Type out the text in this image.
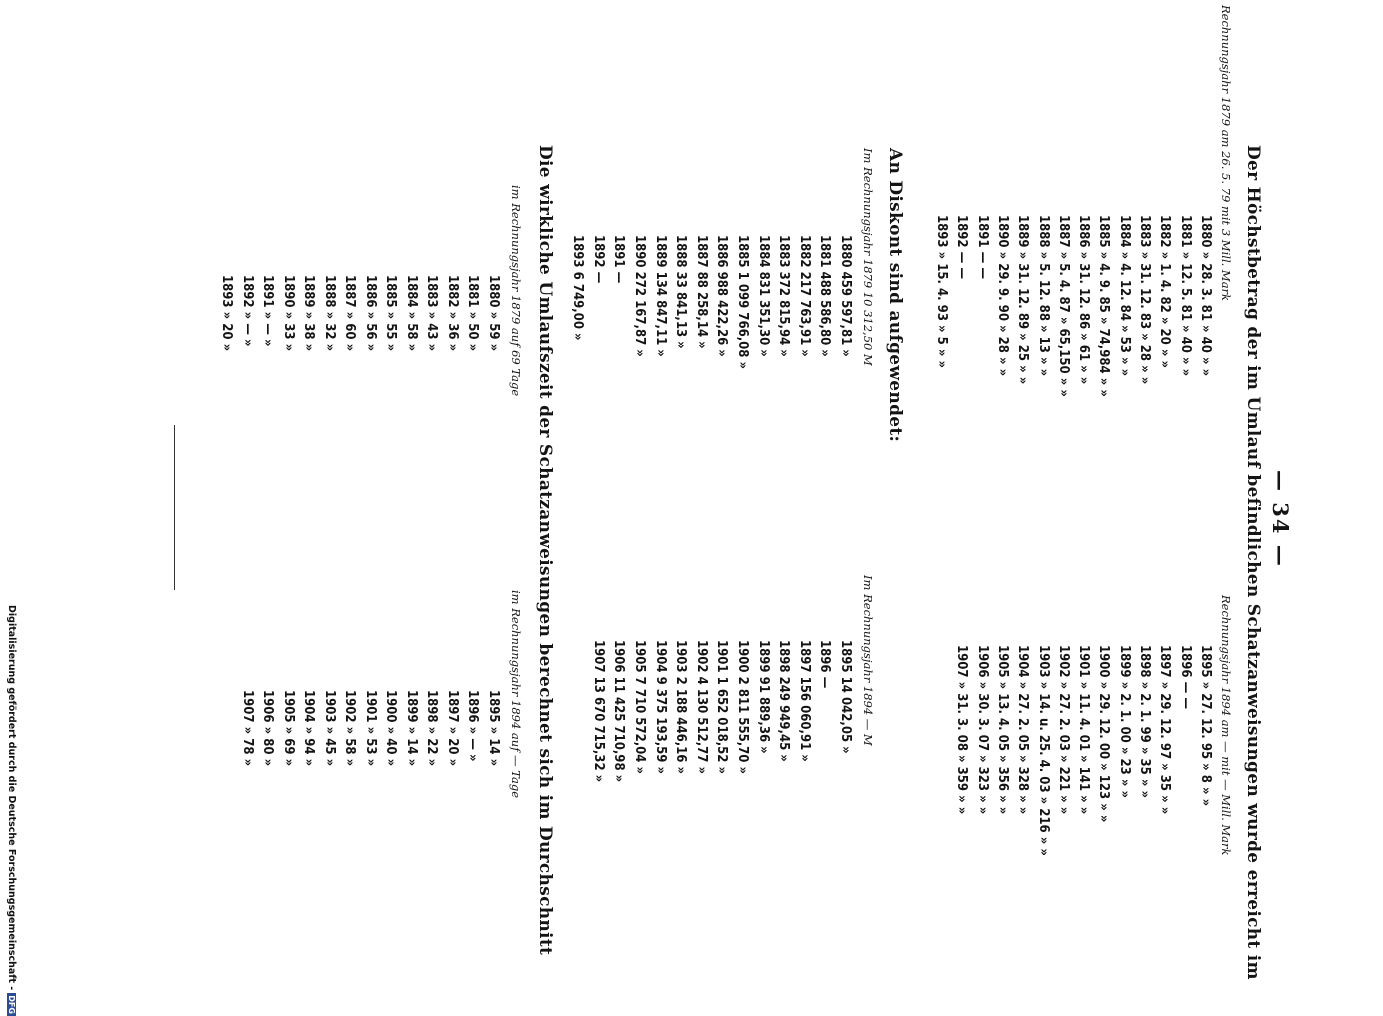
— 34 —
Der Höchstbetrag der im Umlauf befindlichen Schatzanweisungen wurde erreicht im
Rechnungsjahr 1879 am 26. 5. 79 mit 3 Mill. Mark
Rechnungsjahr 1894 am — mit — Mill. Mark
1880 » 28. 3. 81 » 40 » »
1881 » 12. 5. 81 » 40 » »
1882 » 1. 4. 82 » 20 » »
1883 » 31. 12. 83 » 28 » »
1884 » 4. 12. 84 » 53 » »
1885 » 4. 9. 85 » 74,984 » »
1886 » 31. 12. 86 » 61 » »
1887 » 5. 4. 87 » 65,150 » »
1888 » 5. 12. 88 » 13 » »
1889 » 31. 12. 89 » 25 » »
1890 » 29. 9. 90 » 28 » »
1891 — —
1892 — —
1893 » 15. 4. 93 » 5 » »
1895 » 27. 12. 95 » 8 » »
1896 — —
1897 » 29. 12. 97 » 35 » »
1898 » 2. 1. 99 » 35 » »
1899 » 2. 1. 00 » 23 » »
1900 » 29. 12. 00 » 123 » »
1901 » 11. 4. 01 » 141 » »
1902 » 27. 2. 03 » 221 » »
1903 » 14. u. 25. 4. 03 » 216 » »
1904 » 27. 2. 05 » 328 » »
1905 » 13. 4. 05 » 356 » »
1906 » 30. 3. 07 » 323 » »
1907 » 31. 3. 08 » 359 » »
An Diskont sind aufgewendet:
Im Rechnungsjahr 1879 10 312,50 M
Im Rechnungsjahr 1894 — M
1880 459 597,81 »
1881 488 586,80 »
1882 217 763,91 »
1883 372 815,94 »
1884 831 351,30 »
1885 1 099 766,08 »
1886 988 422,26 »
1887 88 258,14 »
1888 33 841,13 »
1889 134 847,11 »
1890 272 167,87 »
1891 —
1892 —
1893 6 749,00 »
1895 14 042,05 »
1896 —
1897 156 060,91 »
1898 249 949,45 »
1899 91 889,36 »
1900 2 811 555,70 »
1901 1 652 018,52 »
1902 4 130 512,77 »
1903 2 188 446,16 »
1904 9 375 193,59 »
1905 7 710 572,04 »
1906 11 425 710,98 »
1907 13 670 715,32 »
Die wirkliche Umlaufszeit der Schatzanweisungen berechnet sich im Durchschnitt
im Rechnungsjahr 1879 auf 69 Tage
im Rechnungsjahr 1894 auf — Tage
1880 » 59 »
1881 » 50 »
1882 » 36 »
1883 » 43 »
1884 » 58 »
1885 » 55 »
1886 » 56 »
1887 » 60 »
1888 » 32 »
1889 » 38 »
1890 » 33 »
1891 » — »
1892 » — »
1893 » 20 »
1895 » 14 »
1896 » — »
1897 » 20 »
1898 » 22 »
1899 » 14 »
1900 » 40 »
1901 » 53 »
1902 » 58 »
1903 » 45 »
1904 » 94 »
1905 » 69 »
1906 » 80 »
1907 » 78 »
Digitalisierung gefördert durch die Deutsche Forschungsgemeinschaft -DFG
